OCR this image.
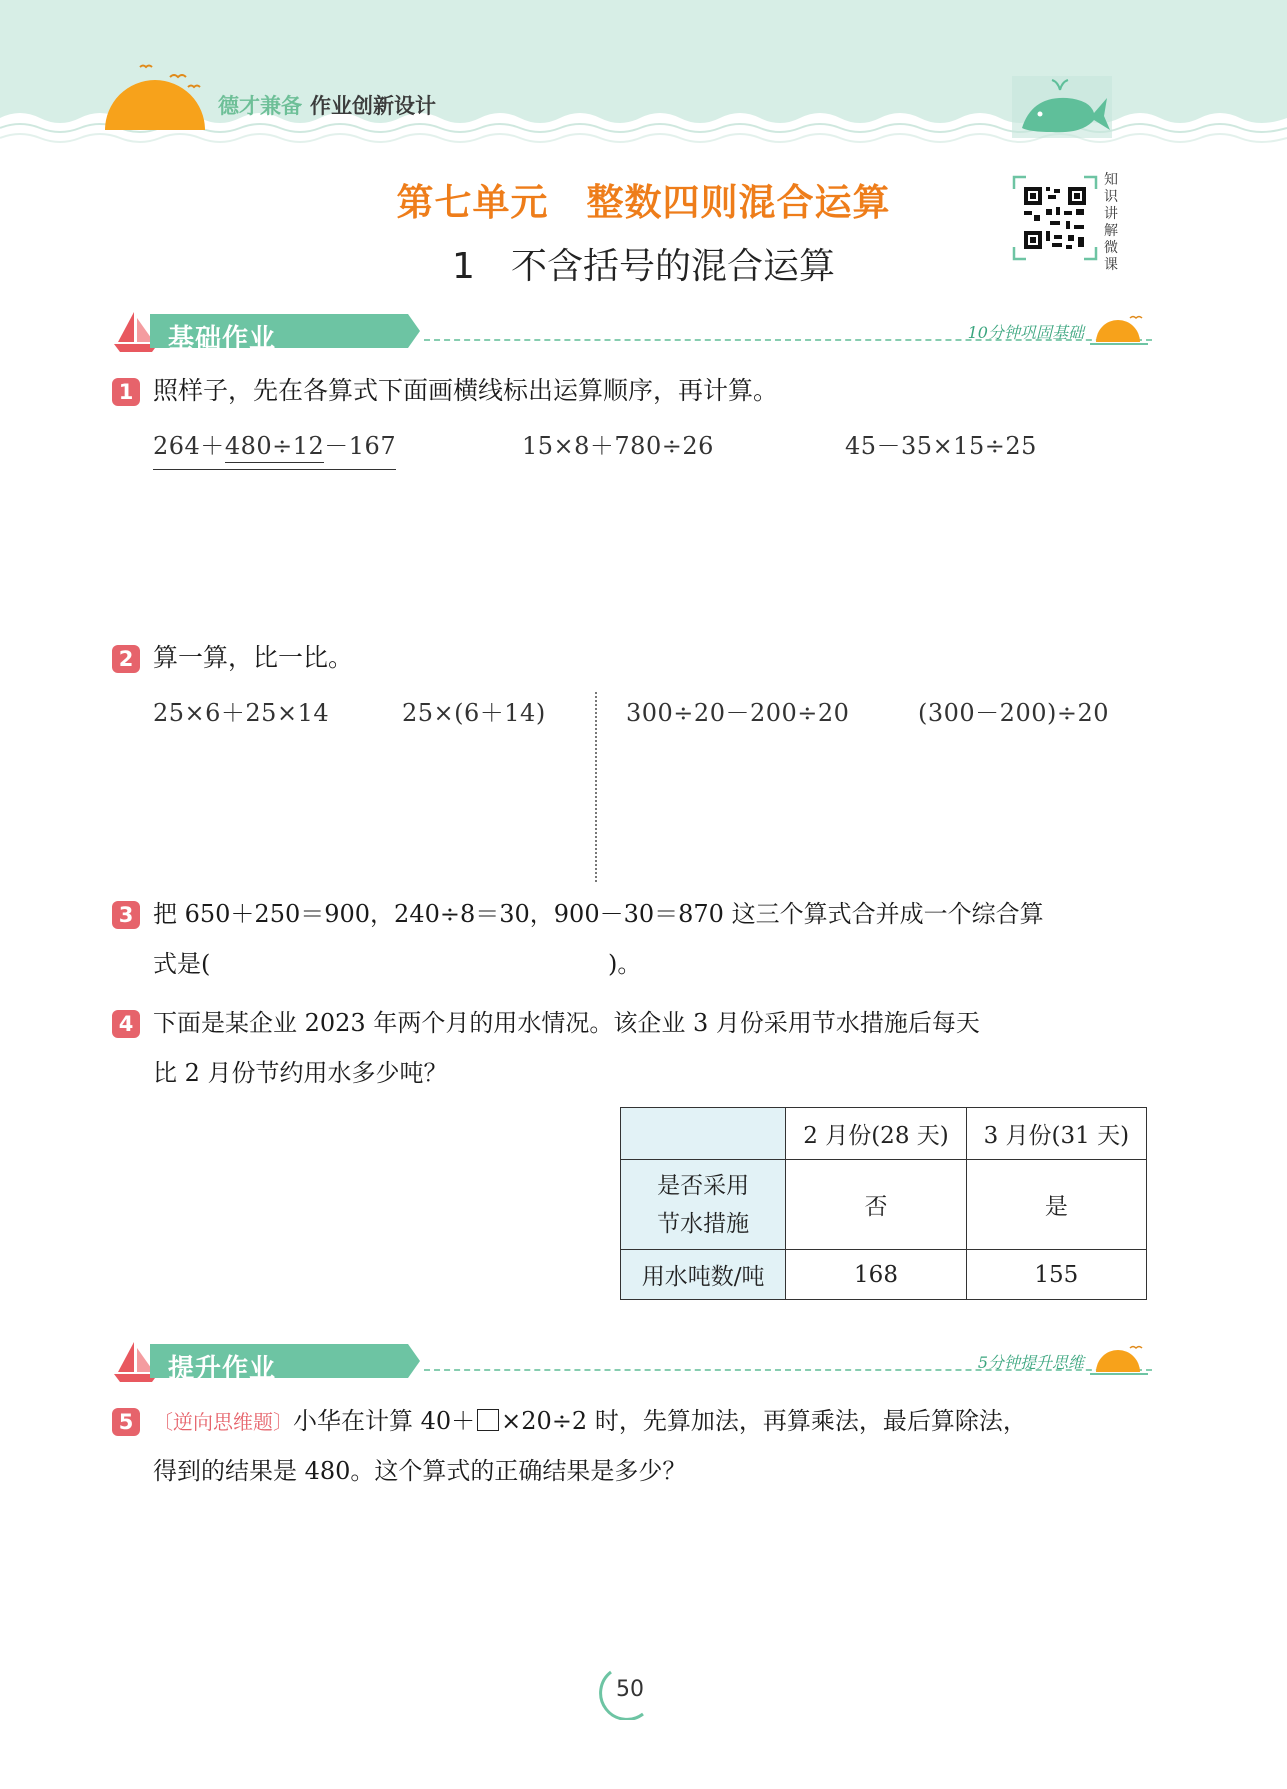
德才兼备 作业创新设计
第七单元　整数四则混合运算
1　不含括号的混合运算
知
识
讲
解
微
课
基础作业	10分钟巩固基础
1 照样子，先在各算式下面画横线标出运算顺序，再计算。
264＋480÷12－167	15×8＋780÷26	45－35×15÷25
2 算一算，比一比。
25×6＋25×14	25×(6＋14)	300÷20－200÷20	(300－200)÷20
3 把 650＋250＝900，240÷8＝30，900－30＝870 这三个算式合并成一个综合算
式是(	)。
4 下面是某企业 2023 年两个月的用水情况。该企业 3 月份采用节水措施后每天
比 2 月份节约用水多少吨？
	2 月份(28 天)	3 月份(31 天)

是否采用
节水措施	否	是
用水吨数/吨	168	155
提升作业	5分钟提升思维
5 〔逆向思维题〕小华在计算 40＋ ×20÷2 时，先算加法，再算乘法，最后算除法，
得到的结果是 480。这个算式的正确结果是多少？
50
